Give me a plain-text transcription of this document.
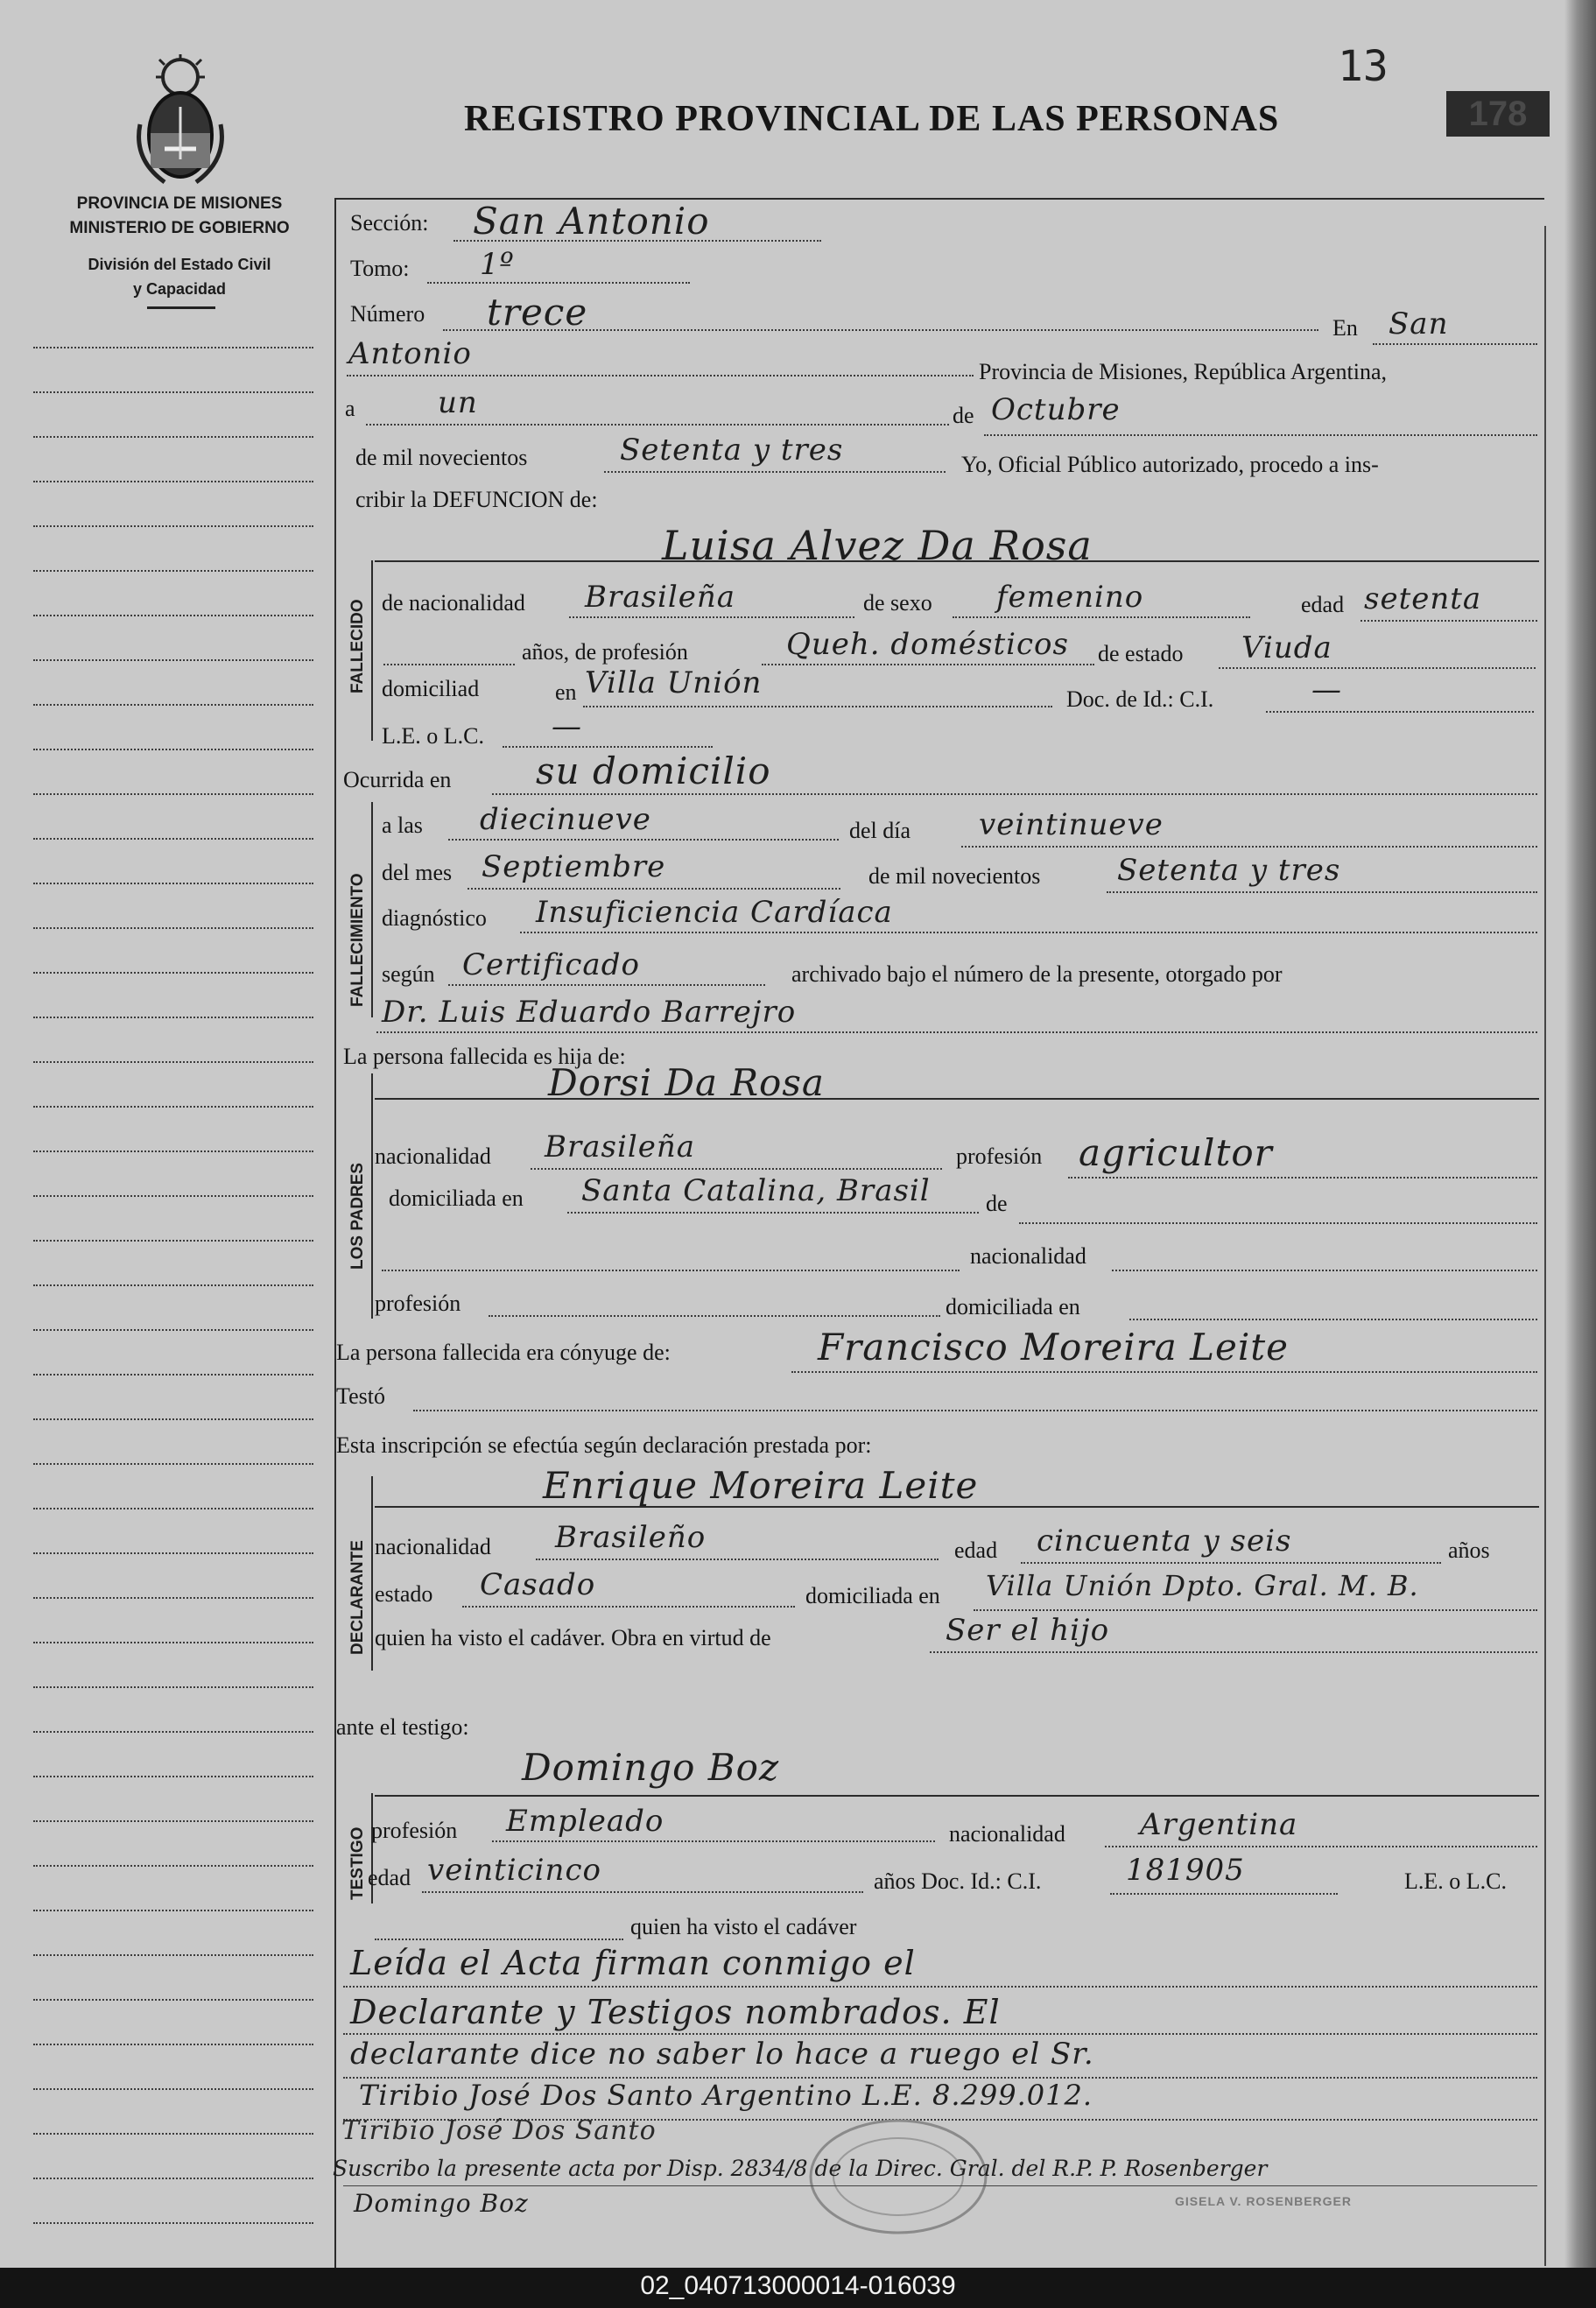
13
178
PROVINCIA DE MISIONES
MINISTERIO DE GOBIERNO
División del Estado Civil
y Capacidad
REGISTRO PROVINCIAL DE LAS PERSONAS
Sección: San Antonio
Tomo: 1º
Número trece	En San
Antonio
Provincia de Misiones, República Argentina,
a	un	de Octubre
de mil novecientos	Setenta y tres	Yo, Oficial Público autorizado, procedo a ins-
cribir la DEFUNCION de:
FALLECIDO
Luisa Alvez Da Rosa
de nacionalidad Brasileña	de sexo femenino	edad setenta
años, de profesión	Queh. domésticos de estado Viuda
domiciliad	en Villa Unión	Doc. de Id.: C.I.	—
L.E. o L.C. —
Ocurrida en su domicilio
FALLECIMIENTO
a las diecinueve	del día veintinueve
del mes Septiembre	de mil novecientos	Setenta y tres
diagnóstico Insuficiencia Cardíaca
según Certificado	archivado bajo el número de la presente, otorgado por
Dr. Luis Eduardo Barrejro
La persona fallecida es hija de:
LOS PADRES
Dorsi Da Rosa
nacionalidad Brasileña	profesión agricultor
domiciliada en Santa Catalina, Brasil de
nacionalidad
profesión	domiciliada en
La persona fallecida era cónyuge de:	Francisco Moreira Leite
Testó
Esta inscripción se efectúa según declaración prestada por:
DECLARANTE
Enrique Moreira Leite
nacionalidad Brasileño	edad cincuenta y seis	años
estado Casado	domiciliada en Villa Unión Dpto. Gral. M. B.
quien ha visto el cadáver. Obra en virtud de	Ser el hijo
ante el testigo:
TESTIGO
Domingo Boz
profesión Empleado	nacionalidad	Argentina
edad veinticinco	años Doc. Id.: C.I.	181905	L.E. o L.C.
quien ha visto el cadáver
Leída el Acta firman conmigo el
Declarante y Testigos nombrados. El
declarante dice no saber lo hace a ruego el Sr.
Tiribio José Dos Santo Argentino L.E. 8.299.012.
Tiribio José Dos Santo
Suscribo la presente acta por Disp. 2834/8 de la Direc. Gral. del R.P. P. Rosenberger
Domingo Boz	GISELA V. ROSENBERGER
02_040713000014-016039
